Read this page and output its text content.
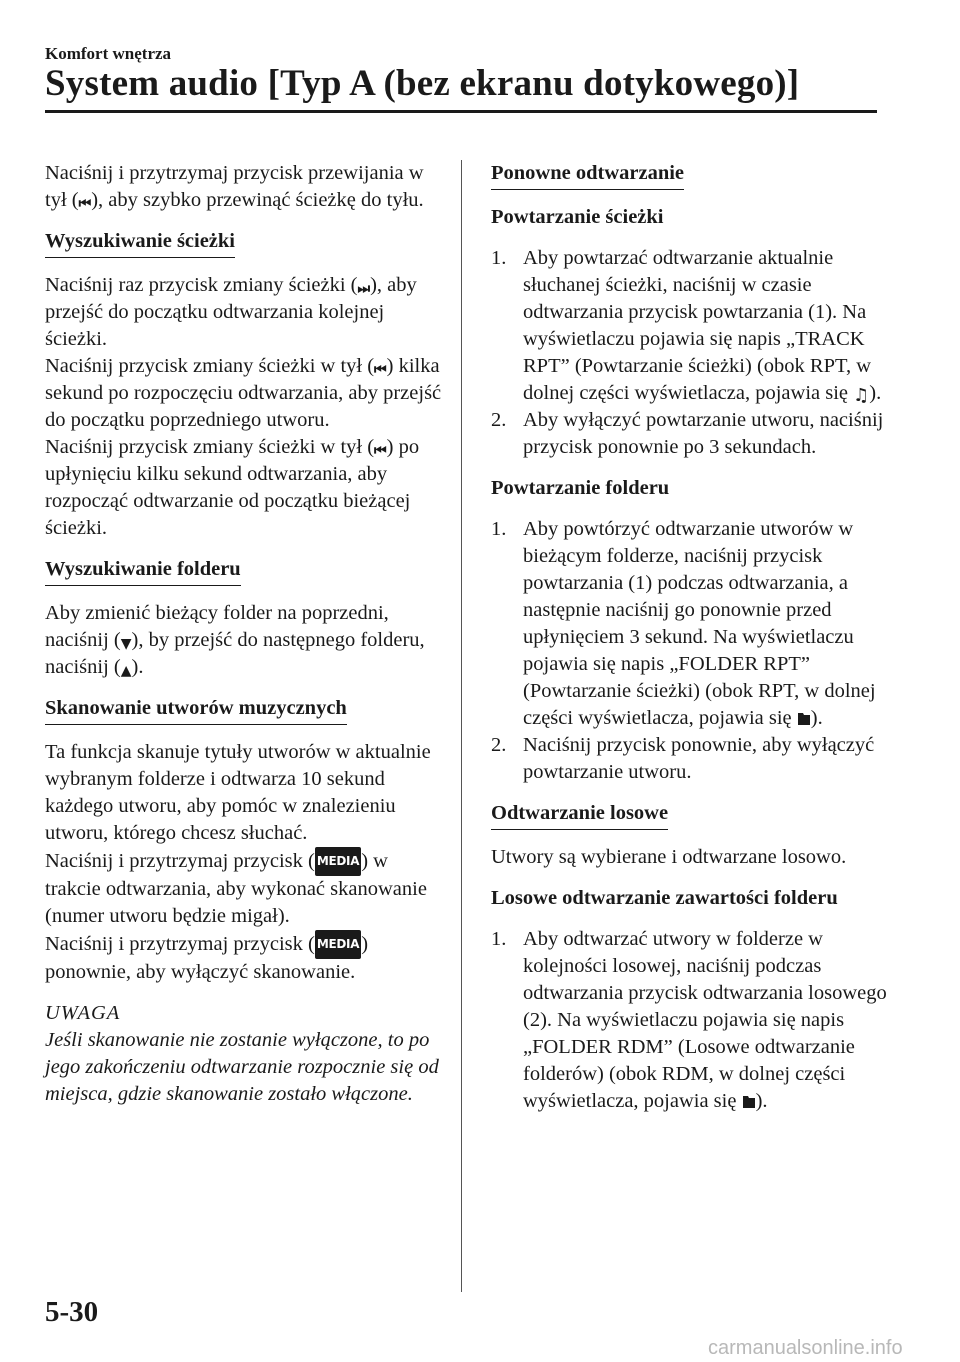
Komfort wnętrza
System audio [Typ A (bez ekranu dotykowego)]

Naciśnij i przytrzymaj przycisk przewijania w tył (⏮), aby szybko przewinąć ścieżkę do tyłu.

Wyszukiwanie ścieżki

Naciśnij raz przycisk zmiany ścieżki (⏭), aby przejść do początku odtwarzania kolejnej ścieżki.
Naciśnij przycisk zmiany ścieżki w tył (⏮) kilka sekund po rozpoczęciu odtwarzania, aby przejść do początku poprzedniego utworu.
Naciśnij przycisk zmiany ścieżki w tył (⏮) po upłynięciu kilku sekund odtwarzania, aby rozpocząć odtwarzanie od początku bieżącej ścieżki.

Wyszukiwanie folderu

Aby zmienić bieżący folder na poprzedni, naciśnij (▼), by przejść do następnego folderu, naciśnij (▲).

Skanowanie utworów muzycznych

Ta funkcja skanuje tytuły utworów w aktualnie wybranym folderze i odtwarza 10 sekund każdego utworu, aby pomóc w znalezieniu utworu, którego chcesz słuchać.
Naciśnij i przytrzymaj przycisk ( MEDIA) w trakcie odtwarzania, aby wykonać skanowanie (numer utworu będzie migał).
Naciśnij i przytrzymaj przycisk ( MEDIA) ponownie, aby wyłączyć skanowanie.

UWAGA

Jeśli skanowanie nie zostanie wyłączone, to po jego zakończeniu odtwarzanie rozpocznie się od miejsca, gdzie skanowanie zostało włączone.

Ponowne odtwarzanie
Powtarzanie ścieżki
1. Aby powtarzać odtwarzanie aktualnie słuchanej ścieżki, naciśnij w czasie odtwarzania przycisk powtarzania (1). Na wyświetlaczu pojawia się napis „TRACK RPT” (Powtarzanie ścieżki) (obok RPT, w dolnej części wyświetlacza, pojawia się ♫).
2. Aby wyłączyć powtarzanie utworu, naciśnij przycisk ponownie po 3 sekundach.
Powtarzanie folderu
1. Aby powtórzyć odtwarzanie utworów w bieżącym folderze, naciśnij przycisk powtarzania (1) podczas odtwarzania, a następnie naciśnij go ponownie przed upłynięciem 3 sekund. Na wyświetlaczu pojawia się napis „FOLDER RPT” (Powtarzanie ścieżki) (obok RPT, w dolnej części wyświetlacza, pojawia się ).
2. Naciśnij przycisk ponownie, aby wyłączyć powtarzanie utworu.
Odtwarzanie losowe

Utwory są wybierane i odtwarzane losowo.

Losowe odtwarzanie zawartości folderu
1. Aby odtwarzać utwory w folderze w kolejności losowej, naciśnij podczas odtwarzania przycisk odtwarzania losowego (2). Na wyświetlaczu pojawia się napis „FOLDER RDM” (Losowe odtwarzanie folderów) (obok RDM, w dolnej części wyświetlacza, pojawia się ).
5-30
carmanualsonline.info
